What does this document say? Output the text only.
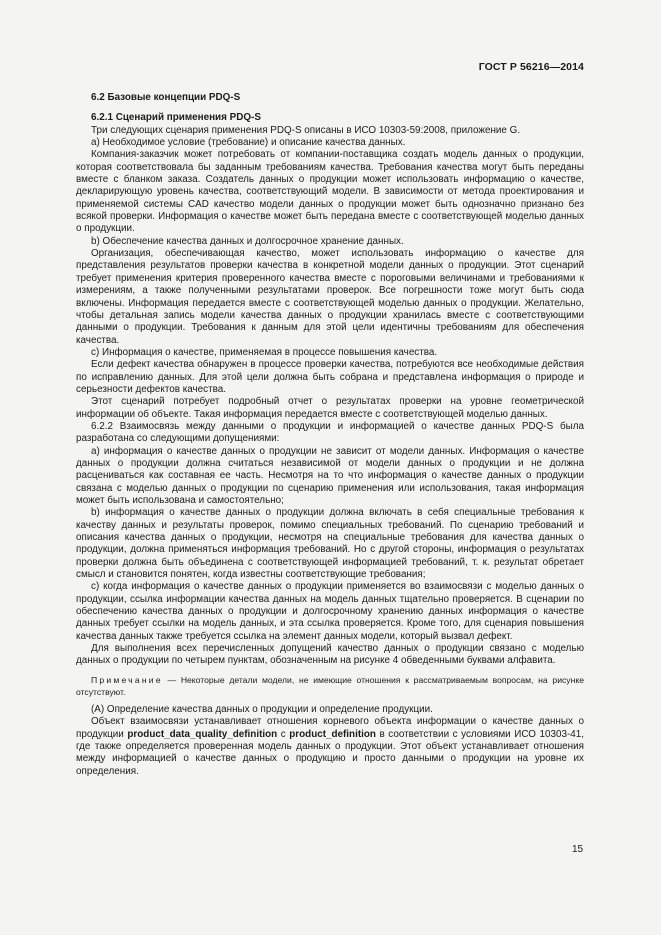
ГОСТ Р 56216—2014

6.2 Базовые концепции PDQ-S

6.2.1 Сценарий применения PDQ-S

Три следующих сценария применения PDQ-S описаны в ИСО 10303-59:2008, приложение G.

a) Необходимое условие (требование) и описание качества данных.

Компания-заказчик может потребовать от компании-поставщика создать модель данных о продукции, которая соответствовала бы заданным требованиям качества. Требования качества могут быть переданы вместе с бланком заказа. Создатель данных о продукции может использовать информацию о качестве, декларирующую уровень качества, соответствующий модели. В зависимости от метода проектирования и применяемой системы CAD качество модели данных о продукции может быть однозначно признано без всякой проверки. Информация о качестве может быть передана вместе с соответствующей моделью данных о продукции.

b) Обеспечение качества данных и долгосрочное хранение данных.

Организация, обеспечивающая качество, может использовать информацию о качестве для представления результатов проверки качества в конкретной модели данных о продукции. Этот сценарий требует применения критерия проверенного качества вместе с пороговыми величинами и требованиями к измерениям, а также полученными результатами проверок. Все погрешности тоже могут быть сюда включены. Информация передается вместе с соответствующей моделью данных о продукции. Желательно, чтобы детальная запись модели качества данных о продукции хранилась вместе с соответствующими данными о продукции. Требования к данным для этой цели идентичны требованиям для обеспечения качества.

c) Информация о качестве, применяемая в процессе повышения качества.

Если дефект качества обнаружен в процессе проверки качества, потребуются все необходимые действия по исправлению данных. Для этой цели должна быть собрана и представлена информация о природе и серьезности дефектов качества.

Этот сценарий потребует подробный отчет о результатах проверки на уровне геометрической информации об объекте. Такая информация передается вместе с соответствующей моделью данных.

6.2.2 Взаимосвязь между данными о продукции и информацией о качестве данных PDQ-S была разработана со следующими допущениями:

a) информация о качестве данных о продукции не зависит от модели данных. Информация о качестве данных о продукции должна считаться независимой от модели данных о продукции и не должна расцениваться как составная ее часть. Несмотря на то что информация о качестве данных о продукции связана с моделью данных о продукции по сценарию применения или использования, такая информация может быть использована и самостоятельно;

b) информация о качестве данных о продукции должна включать в себя специальные требования к качеству данных и результаты проверок, помимо специальных требований. По сценарию требований и описания качества данных о продукции, несмотря на специальные требования для качества данных о продукции, должна применяться информация требований. Но с другой стороны, информация о результатах проверки должна быть объединена с соответствующей информацией требований, т. к. результат обретает смысл и становится понятен, когда известны соответствующие требования;

c) когда информация о качестве данных о продукции применяется во взаимосвязи с моделью данных о продукции, ссылка информации качества данных на модель данных тщательно проверяется. В сценарии по обеспечению качества данных о продукции и долгосрочному хранению данных информация о качестве данных требует ссылки на модель данных, и эта ссылка проверяется. Кроме того, для сценария повышения качества данных также требуется ссылка на элемент данных модели, который вызвал дефект.

Для выполнения всех перечисленных допущений качество данных о продукции связано с моделью данных о продукции по четырем пунктам, обозначенным на рисунке 4 обведенными буквами алфавита.

Примечание — Некоторые детали модели, не имеющие отношения к рассматриваемым вопросам, на рисунке отсутствуют.

(A) Определение качества данных о продукции и определение продукции.

Объект взаимосвязи устанавливает отношения корневого объекта информации о качестве данных о продукции product_data_quality_definition с product_definition в соответствии с условиями ИСО 10303-41, где также определяется проверенная модель данных о продукции. Этот объект устанавливает отношения между информацией о качестве данных о продукцию и просто данными о продукции на уровне их определения.

15
